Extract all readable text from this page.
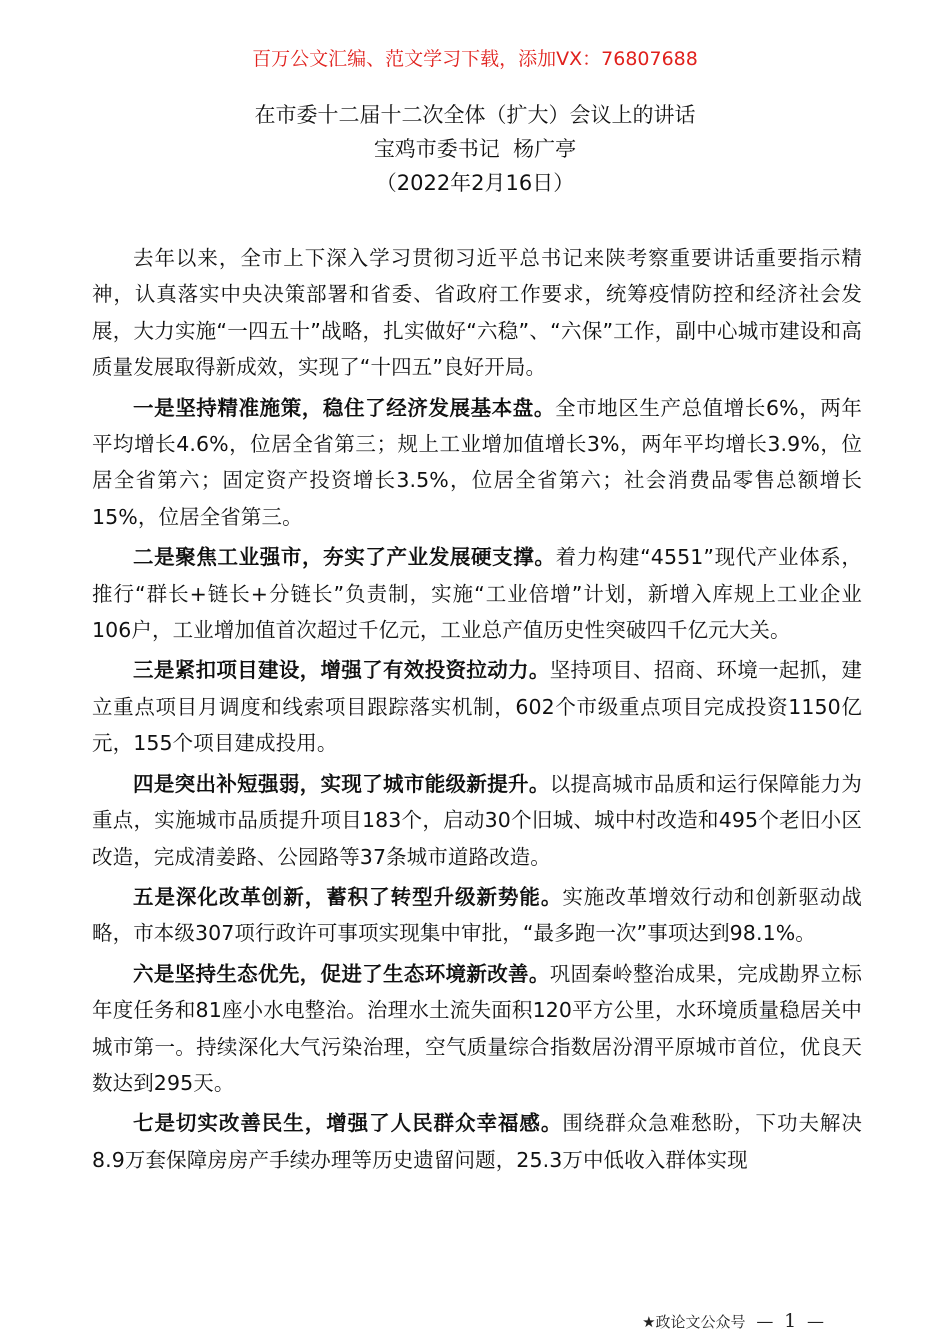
百万公文汇编、范文学习下载，添加VX：76807688

在市委十二届十二次全体（扩大）会议上的讲话

宝鸡市委书记  杨广亭

（2022年2月16日）

去年以来，全市上下深入学习贯彻习近平总书记来陕考察重要讲话重要指示精神，认真落实中央决策部署和省委、省政府工作要求，统筹疫情防控和经济社会发展，大力实施“一四五十”战略，扎实做好“六稳”、“六保”工作，副中心城市建设和高质量发展取得新成效，实现了“十四五”良好开局。

一是坚持精准施策，稳住了经济发展基本盘。全市地区生产总值增长6%，两年平均增长4.6%，位居全省第三；规上工业增加值增长3%，两年平均增长3.9%，位居全省第六；固定资产投资增长3.5%，位居全省第六；社会消费品零售总额增长15%，位居全省第三。

二是聚焦工业强市，夯实了产业发展硬支撑。着力构建“4551”现代产业体系，推行“群长+链长+分链长”负责制，实施“工业倍增”计划，新增入库规上工业企业106户，工业增加值首次超过千亿元，工业总产值历史性突破四千亿元大关。

三是紧扣项目建设，增强了有效投资拉动力。坚持项目、招商、环境一起抓，建立重点项目月调度和线索项目跟踪落实机制，602个市级重点项目完成投资1150亿元，155个项目建成投用。

四是突出补短强弱，实现了城市能级新提升。以提高城市品质和运行保障能力为重点，实施城市品质提升项目183个，启动30个旧城、城中村改造和495个老旧小区改造，完成清姜路、公园路等37条城市道路改造。

五是深化改革创新，蓄积了转型升级新势能。实施改革增效行动和创新驱动战略，市本级307项行政许可事项实现集中审批，“最多跑一次”事项达到98.1%。

六是坚持生态优先，促进了生态环境新改善。巩固秦岭整治成果，完成勘界立标年度任务和81座小水电整治。治理水土流失面积120平方公里，水环境质量稳居关中城市第一。持续深化大气污染治理，空气质量综合指数居汾渭平原城市首位，优良天数达到295天。

七是切实改善民生，增强了人民群众幸福感。围绕群众急难愁盼，下功夫解决8.9万套保障房房产手续办理等历史遗留问题，25.3万中低收入群体实现

★政论文公众号 — 1 —
